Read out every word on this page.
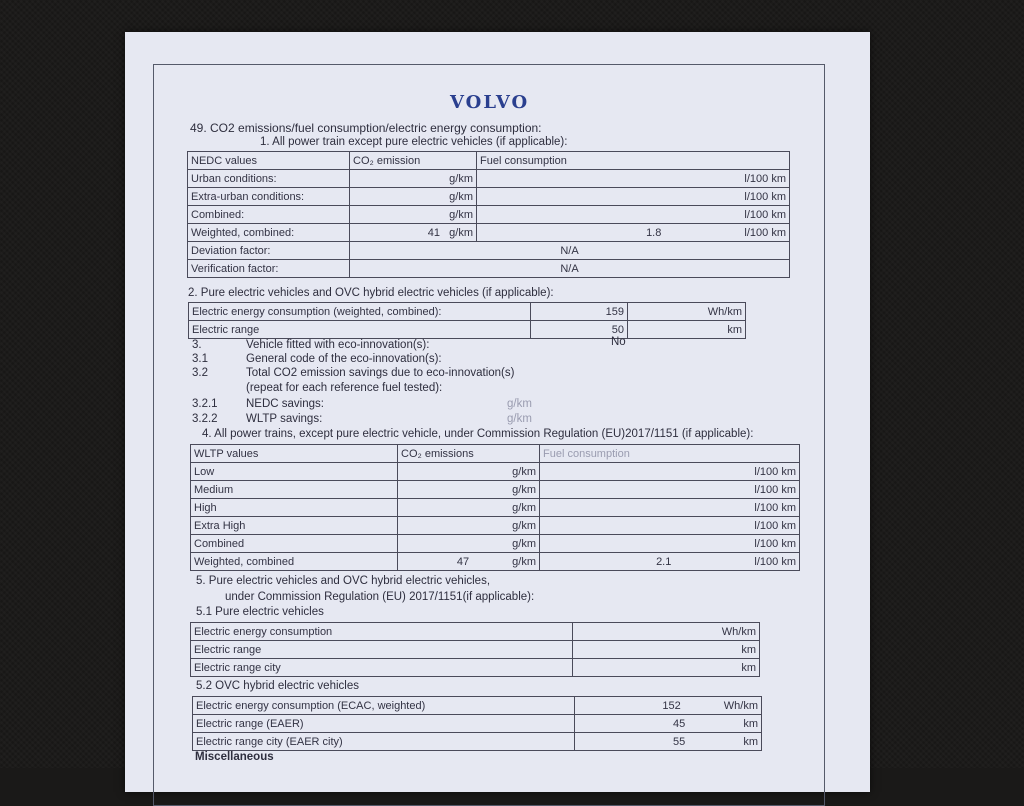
VOLVO
49. CO2 emissions/fuel consumption/electric energy consumption:
1. All power train except pure electric vehicles (if applicable):
NEDC values	CO₂ emission	Fuel consumption
Urban conditions:	g/km	l/100 km
Extra-urban conditions:	g/km	l/100 km
Combined:	g/km	l/100 km
Weighted, combined:	41 g/km	1.8 l/100 km
Deviation factor:	N/A	
Verification factor:	N/A	
2. Pure electric vehicles and OVC hybrid electric vehicles (if applicable):
Electric energy consumption (weighted, combined):	159	Wh/km
Electric range	50	km
3.	Vehicle fitted with eco-innovation(s):	No
3.1	General code of the eco-innovation(s):
3.2	Total CO2 emission savings due to eco-innovation(s)
(repeat for each reference fuel tested):
3.2.1 NEDC savings:	g/km
3.2.2 WLTP savings:	g/km
4. All power trains, except pure electric vehicle, under Commission Regulation (EU)2017/1151 (if applicable):
WLTP values	CO₂ emissions	Fuel consumption
Low	g/km	l/100 km
Medium	g/km	l/100 km
High	g/km	l/100 km
Extra High	g/km	l/100 km
Combined	g/km	l/100 km
Weighted, combined	47 g/km	2.1 l/100 km
5. Pure electric vehicles and OVC hybrid electric vehicles,
under Commission Regulation (EU) 2017/1151(if applicable):
5.1 Pure electric vehicles
Electric energy consumption	Wh/km
Electric range	km
Electric range city	km
5.2 OVC hybrid electric vehicles
Electric energy consumption (ECAC, weighted)	152 Wh/km
Electric range (EAER)	45 km
Electric range city (EAER city)	55 km
Miscellaneous
